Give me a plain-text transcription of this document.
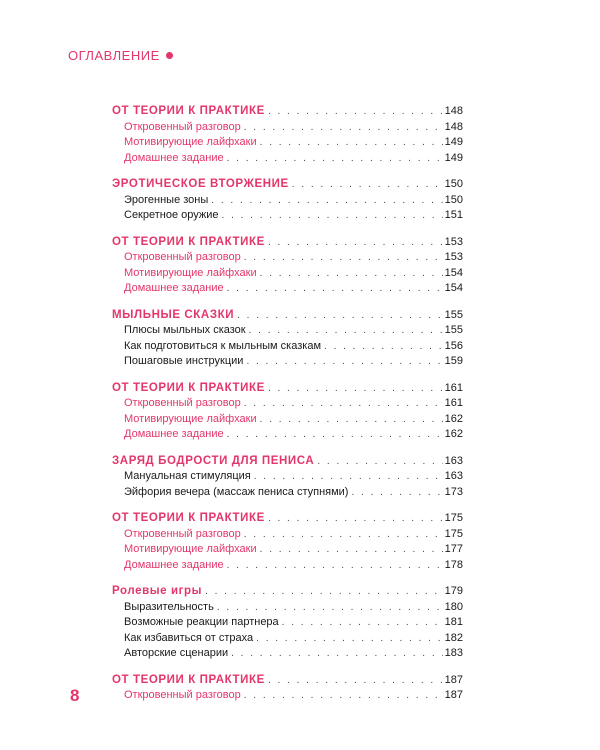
ОГЛАВЛЕНИЕ
ОТ ТЕОРИИ К ПРАКТИКЕ . . .	148
Откровенный разговор . . .	148
Мотивирующие лайфхаки . . .	149
Домашнее задание . . .	149
ЭРОТИЧЕСКОЕ ВТОРЖЕНИЕ . . .	150
Эрогенные зоны . . .	150
Секретное оружие . . .	151
ОТ ТЕОРИИ К ПРАКТИКЕ . . .	153
Откровенный разговор . . .	153
Мотивирующие лайфхаки . . .	154
Домашнее задание . . .	154
МЫЛЬНЫЕ СКАЗКИ . . .	155
Плюсы мыльных сказок . . .	155
Как подготовиться к мыльным сказкам . . .	156
Пошаговые инструкции . . .	159
ОТ ТЕОРИИ К ПРАКТИКЕ . . .	161
Откровенный разговор . . .	161
Мотивирующие лайфхаки . . .	162
Домашнее задание . . .	162
ЗАРЯД БОДРОСТИ ДЛЯ ПЕНИСА . . .	163
Мануальная стимуляция . . .	163
Эйфория вечера (массаж пениса ступнями) . . .	173
ОТ ТЕОРИИ К ПРАКТИКЕ . . .	175
Откровенный разговор . . .	175
Мотивирующие лайфхаки . . .	177
Домашнее задание . . .	178
Ролевые игры . . .	179
Выразительность . . .	180
Возможные реакции партнера . . .	181
Как избавиться от страха . . .	182
Авторские сценарии . . .	183
ОТ ТЕОРИИ К ПРАКТИКЕ . . .	187
Откровенный разговор . . .	187
8
